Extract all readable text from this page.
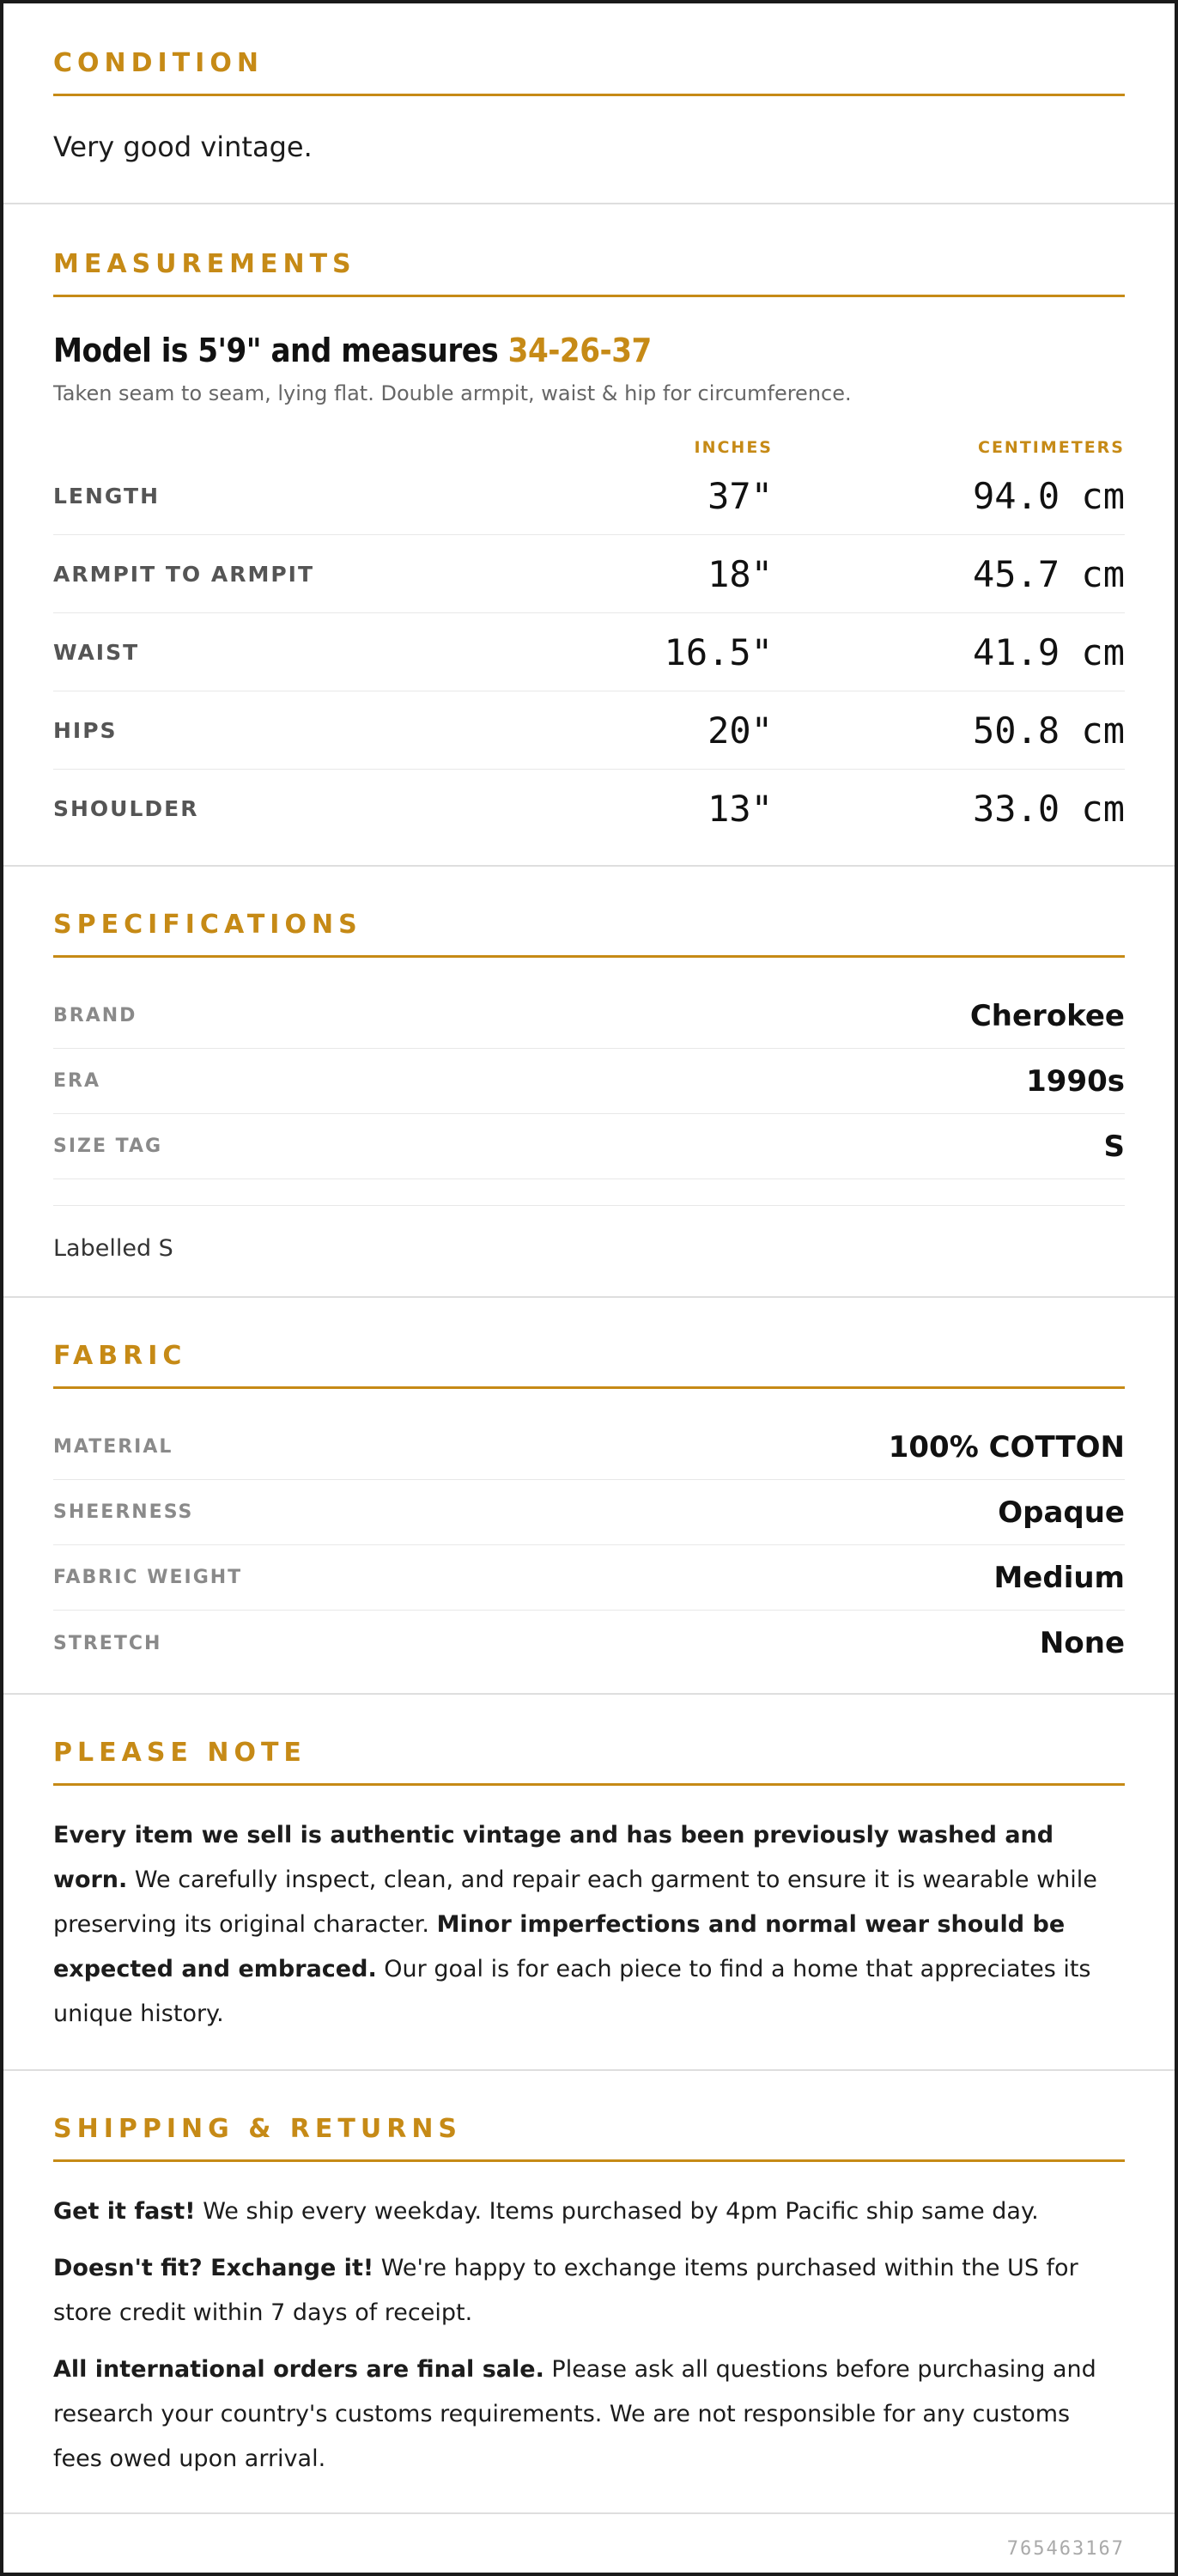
CONDITION
Very good vintage.
MEASUREMENTS
Model is 5'9" and measures 34-26-37
Taken seam to seam, lying flat. Double armpit, waist & hip for circumference.
INCHES	CENTIMETERS
LENGTH	37"	94.0 cm
ARMPIT TO ARMPIT	18"	45.7 cm
WAIST	16.5"	41.9 cm
HIPS	20"	50.8 cm
SHOULDER	13"	33.0 cm
SPECIFICATIONS
BRAND	Cherokee
ERA	1990s
SIZE TAG	S
Labelled S
FABRIC
MATERIAL	100% COTTON
SHEERNESS	Opaque
FABRIC WEIGHT	Medium
STRETCH	None
PLEASE NOTE

Every item we sell is authentic vintage and has been previously washed and worn. We carefully inspect, clean, and repair each garment to ensure it is wearable while preserving its original character. Minor imperfections and normal wear should be expected and embraced. Our goal is for each piece to find a home that appreciates its unique history.

SHIPPING & RETURNS

Get it fast! We ship every weekday. Items purchased by 4pm Pacific ship same day.

Doesn't fit? Exchange it! We're happy to exchange items purchased within the US for store credit within 7 days of receipt.

All international orders are final sale. Please ask all questions before purchasing and research your country's customs requirements. We are not responsible for any customs fees owed upon arrival.

765463167
